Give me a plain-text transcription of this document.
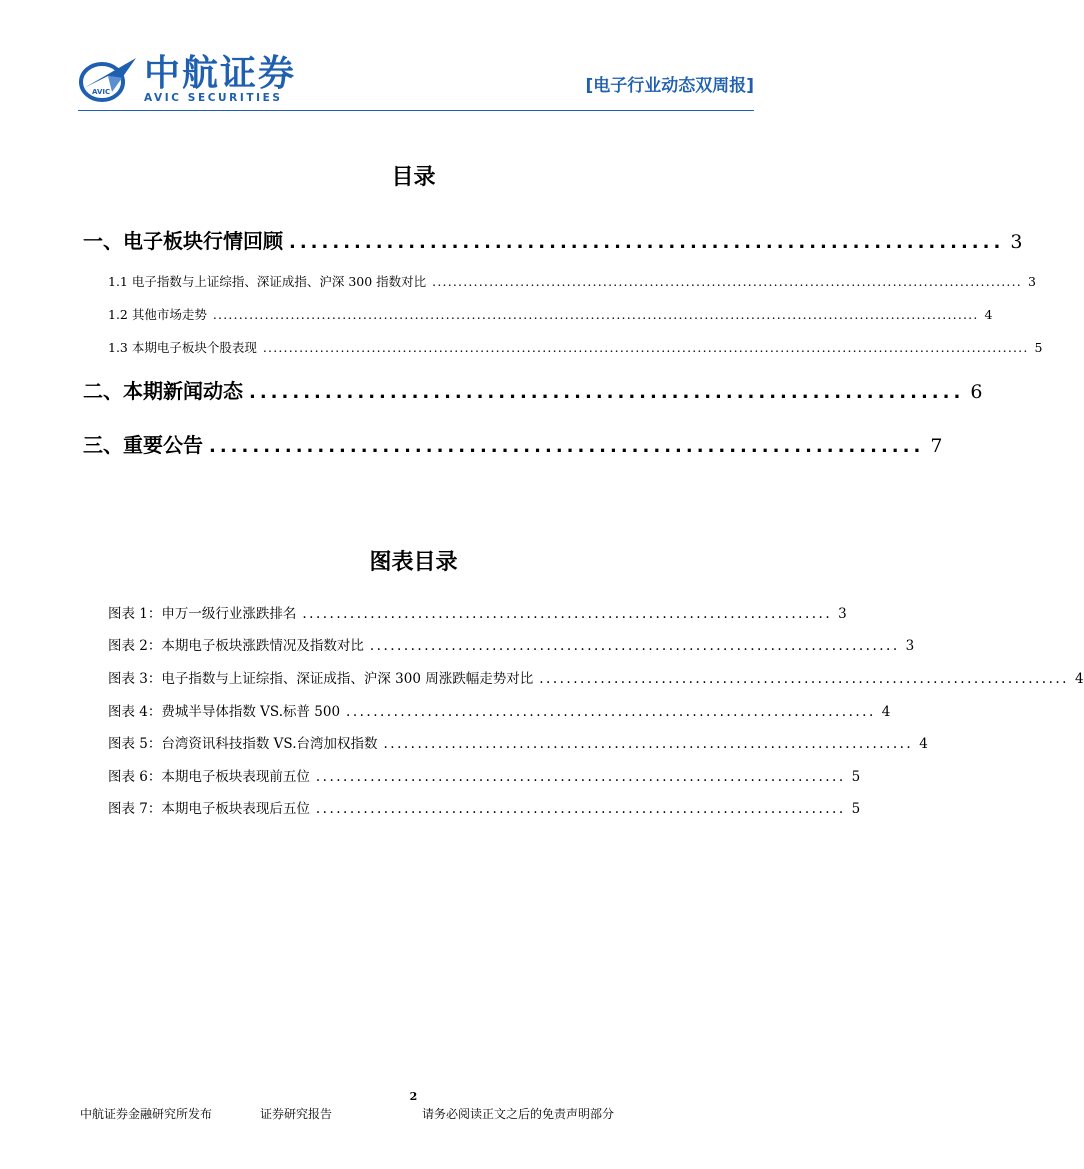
AVIC 中航证券
AVIC SECURITIES
[电子行业动态双周报]
目录
一、电子板块行情回顾 .................................................................. 3
1.1 电子指数与上证综指、深证成指、沪深 300 指数对比 .................................................................................................................. 3
1.2 其他市场走势 .................................................................................................................................................... 4
1.3 本期电子板块个股表现 .................................................................................................................................................... 5
二、本期新闻动态 .................................................................. 6
三、重要公告 .................................................................. 7
图表目录
图表 1：申万一级行业涨跌排名 .............................................................................. 3
图表 2：本期电子板块涨跌情况及指数对比 .............................................................................. 3
图表 3：电子指数与上证综指、深证成指、沪深 300 周涨跌幅走势对比 .............................................................................. 4
图表 4：费城半导体指数 VS.标普 500 .............................................................................. 4
图表 5：台湾资讯科技指数 VS.台湾加权指数 .............................................................................. 4
图表 6：本期电子板块表现前五位 .............................................................................. 5
图表 7：本期电子板块表现后五位 .............................................................................. 5
2
中航证券金融研究所发布	证券研究报告	请务必阅读正文之后的免责声明部分
